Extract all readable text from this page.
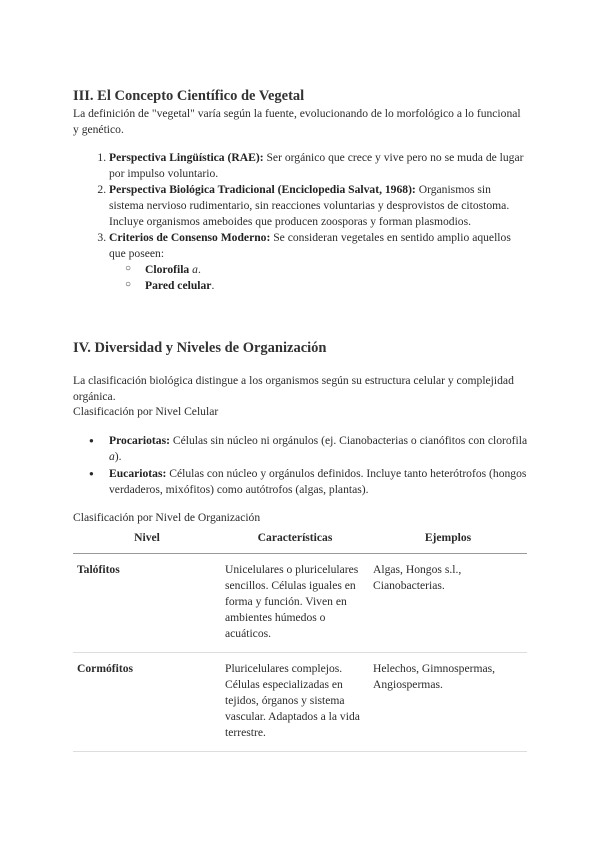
III. El Concepto Científico de Vegetal

La definición de "vegetal" varía según la fuente, evolucionando de lo morfológico a lo funcional y genético.

1. Perspectiva Lingüística (RAE): Ser orgánico que crece y vive pero no se muda de lugar por impulso voluntario.
2. Perspectiva Biológica Tradicional (Enciclopedia Salvat, 1968): Organismos sin sistema nervioso rudimentario, sin reacciones voluntarias y desprovistos de citostoma. Incluye organismos ameboides que producen zoosporas y forman plasmodios.
3. Criterios de Consenso Moderno: Se consideran vegetales en sentido amplio aquellos que poseen:
○ Clorofila a.
○ Pared celular.
IV. Diversidad y Niveles de Organización

La clasificación biológica distingue a los organismos según su estructura celular y complejidad orgánica.

Clasificación por Nivel Celular

● Procariotas: Células sin núcleo ni orgánulos (ej. Cianobacterias o cianófitos con clorofila a).
● Eucariotas: Células con núcleo y orgánulos definidos. Incluye tanto heterótrofos (hongos verdaderos, mixófitos) como autótrofos (algas, plantas).

Clasificación por Nivel de Organización

Nivel	Características	Ejemplos
Talófitos	Unicelulares o pluricelulares sencillos. Células iguales en forma y función. Viven en ambientes húmedos o acuáticos.	Algas, Hongos s.l., Cianobacterias.
Cormófitos	Pluricelulares complejos. Células especializadas en tejidos, órganos y sistema vascular. Adaptados a la vida terrestre.	Helechos, Gimnospermas, Angiospermas.
